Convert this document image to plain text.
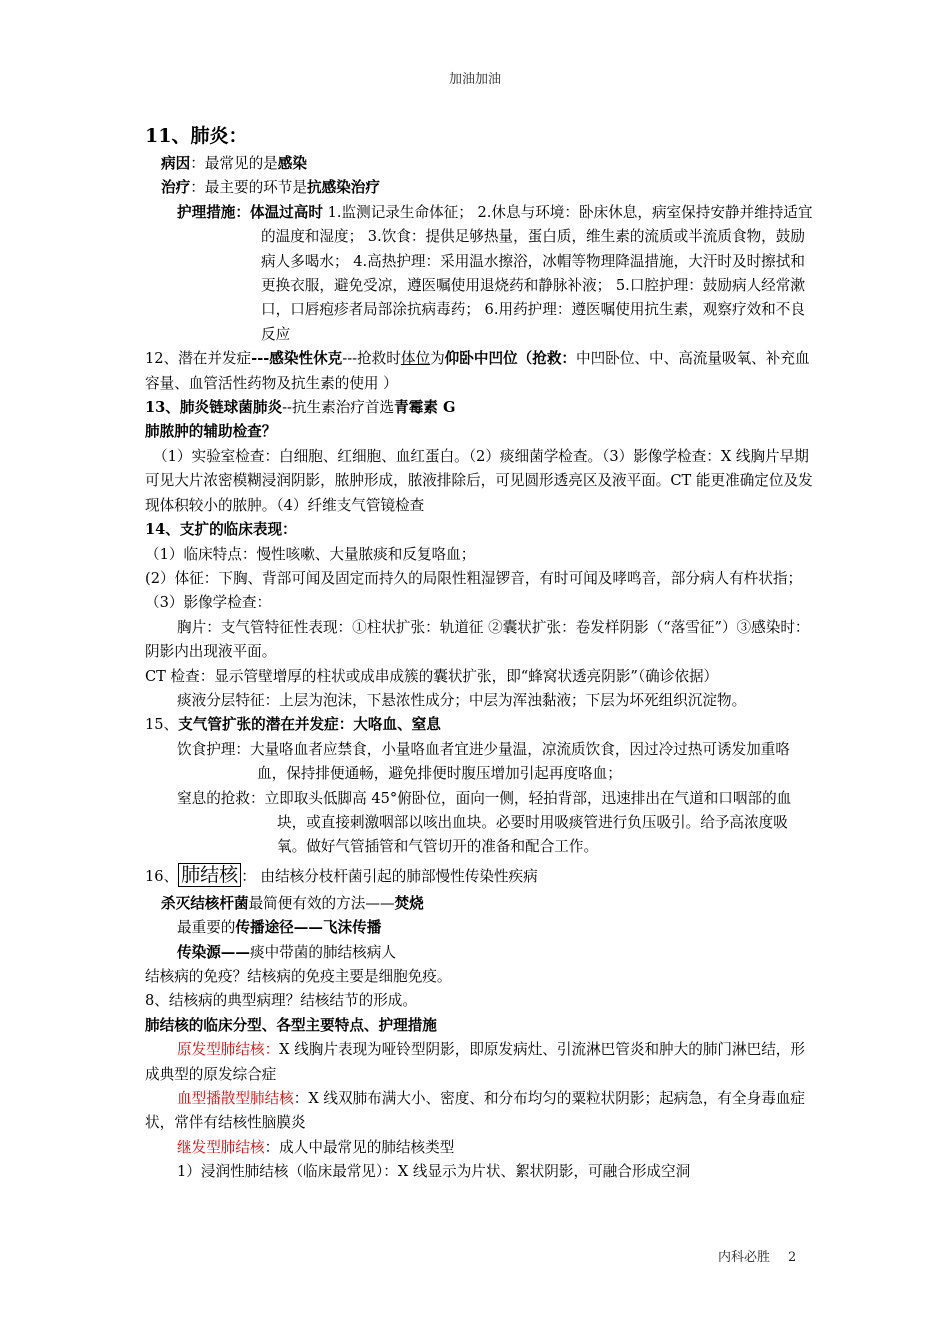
加油加油

11、肺炎：

病因：最常见的是感染

治疗：最主要的环节是抗感染治疗

护理措施：体温过高时 1.监测记录生命体征； 2.休息与环境：卧床休息，病室保持安静并维持适宜的温度和湿度； 3.饮食：提供足够热量，蛋白质，维生素的流质或半流质食物，鼓励病人多喝水； 4.高热护理：采用温水擦浴，冰帽等物理降温措施，大汗时及时擦拭和更换衣服，避免受凉，遵医嘱使用退烧药和静脉补液； 5.口腔护理：鼓励病人经常漱口，口唇疱疹者局部涂抗病毒药； 6.用药护理：遵医嘱使用抗生素，观察疗效和不良反应

12、潜在并发症---感染性休克---抢救时体位为仰卧中凹位（抢救：中凹卧位、中、高流量吸氧、补充血容量、血管活性药物及抗生素的使用 ）

13、肺炎链球菌肺炎--抗生素治疗首选青霉素 G

肺脓肿的辅助检查？

（1）实验室检查：白细胞、红细胞、血红蛋白。（2）痰细菌学检查。（3）影像学检查：X 线胸片早期可见大片浓密模糊浸润阴影，脓肿形成，脓液排除后，可见圆形透亮区及液平面。CT 能更准确定位及发现体积较小的脓肿。（4）纤维支气管镜检查

14、支扩的临床表现：

（1）临床特点：慢性咳嗽、大量脓痰和反复咯血；

(2）体征：下胸、背部可闻及固定而持久的局限性粗湿锣音，有时可闻及哮鸣音，部分病人有杵状指；

（3）影像学检查：

胸片：支气管特征性表现：①柱状扩张：轨道征 ②囊状扩张：卷发样阴影（“落雪征”）③感染时：阴影内出现液平面。

CT 检查：显示管壁增厚的柱状或成串成簇的囊状扩张，即“蜂窝状透亮阴影”（确诊依据）

痰液分层特征：上层为泡沫，下悬浓性成分；中层为浑浊黏液；下层为坏死组织沉淀物。

15、支气管扩张的潜在并发症：大咯血、窒息

饮食护理：大量咯血者应禁食，小量咯血者宜进少量温，凉流质饮食，因过冷过热可诱发加重咯血，保持排便通畅，避免排便时腹压增加引起再度咯血；

窒息的抢救：立即取头低脚高 45°俯卧位，面向一侧，轻拍背部，迅速排出在气道和口咽部的血块，或直接刺激咽部以咳出血块。必要时用吸痰管进行负压吸引。给予高浓度吸氧。做好气管插管和气管切开的准备和配合工作。

16、 肺结核 ： 由结核分枝杆菌引起的肺部慢性传染性疾病

杀灭结核杆菌最简便有效的方法——焚烧

最重要的传播途径——飞沫传播

传染源——痰中带菌的肺结核病人

结核病的免疫？结核病的免疫主要是细胞免疫。

8、结核病的典型病理？结核结节的形成。

肺结核的临床分型、各型主要特点、护理措施

原发型肺结核：X 线胸片表现为哑铃型阴影，即原发病灶、引流淋巴管炎和肿大的肺门淋巴结，形成典型的原发综合症

血型播散型肺结核：X 线双肺布满大小、密度、和分布均匀的粟粒状阴影；起病急，有全身毒血症状，常伴有结核性脑膜炎

继发型肺结核：成人中最常见的肺结核类型

1）浸润性肺结核（临床最常见）：X 线显示为片状、絮状阴影，可融合形成空洞

内科必胜 2
